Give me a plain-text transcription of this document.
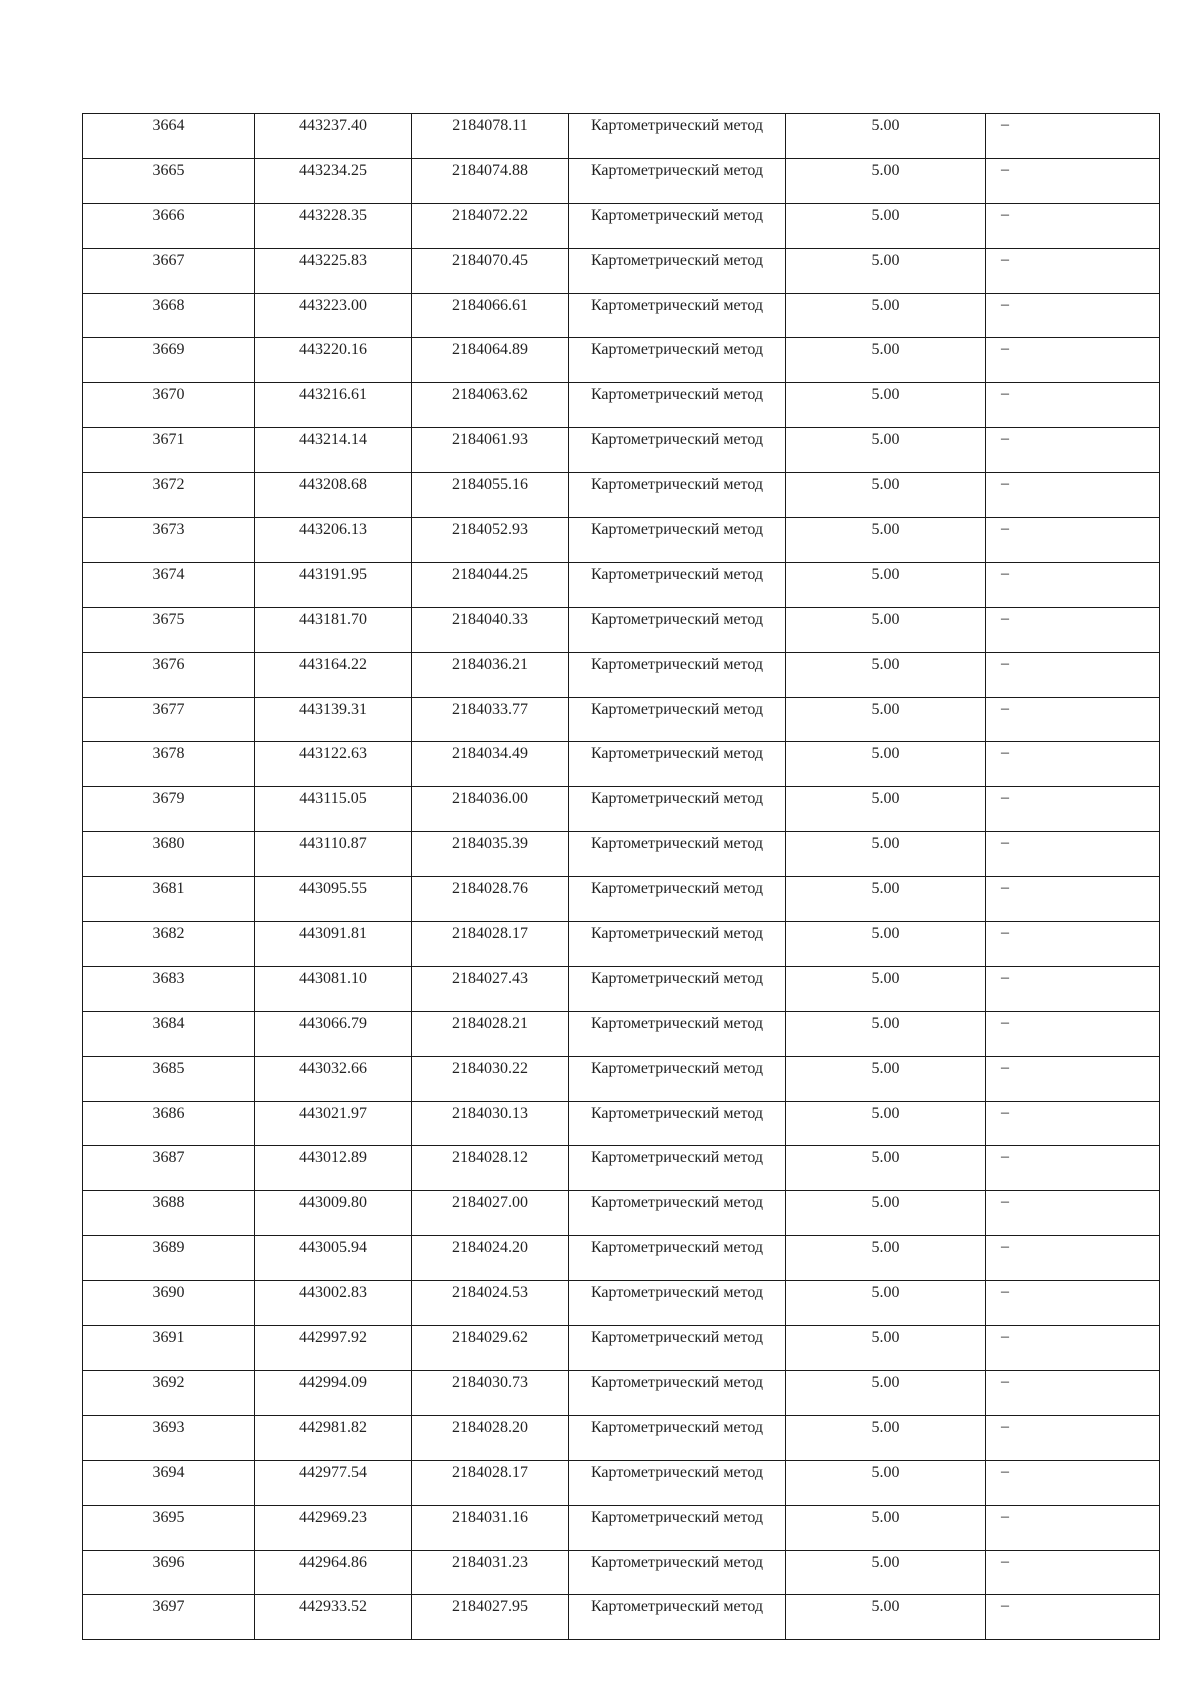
3664	443237.40	2184078.11	Картометрический метод	5.00	–
3665	443234.25	2184074.88	Картометрический метод	5.00	–
3666	443228.35	2184072.22	Картометрический метод	5.00	–
3667	443225.83	2184070.45	Картометрический метод	5.00	–
3668	443223.00	2184066.61	Картометрический метод	5.00	–
3669	443220.16	2184064.89	Картометрический метод	5.00	–
3670	443216.61	2184063.62	Картометрический метод	5.00	–
3671	443214.14	2184061.93	Картометрический метод	5.00	–
3672	443208.68	2184055.16	Картометрический метод	5.00	–
3673	443206.13	2184052.93	Картометрический метод	5.00	–
3674	443191.95	2184044.25	Картометрический метод	5.00	–
3675	443181.70	2184040.33	Картометрический метод	5.00	–
3676	443164.22	2184036.21	Картометрический метод	5.00	–
3677	443139.31	2184033.77	Картометрический метод	5.00	–
3678	443122.63	2184034.49	Картометрический метод	5.00	–
3679	443115.05	2184036.00	Картометрический метод	5.00	–
3680	443110.87	2184035.39	Картометрический метод	5.00	–
3681	443095.55	2184028.76	Картометрический метод	5.00	–
3682	443091.81	2184028.17	Картометрический метод	5.00	–
3683	443081.10	2184027.43	Картометрический метод	5.00	–
3684	443066.79	2184028.21	Картометрический метод	5.00	–
3685	443032.66	2184030.22	Картометрический метод	5.00	–
3686	443021.97	2184030.13	Картометрический метод	5.00	–
3687	443012.89	2184028.12	Картометрический метод	5.00	–
3688	443009.80	2184027.00	Картометрический метод	5.00	–
3689	443005.94	2184024.20	Картометрический метод	5.00	–
3690	443002.83	2184024.53	Картометрический метод	5.00	–
3691	442997.92	2184029.62	Картометрический метод	5.00	–
3692	442994.09	2184030.73	Картометрический метод	5.00	–
3693	442981.82	2184028.20	Картометрический метод	5.00	–
3694	442977.54	2184028.17	Картометрический метод	5.00	–
3695	442969.23	2184031.16	Картометрический метод	5.00	–
3696	442964.86	2184031.23	Картометрический метод	5.00	–
3697	442933.52	2184027.95	Картометрический метод	5.00	–
